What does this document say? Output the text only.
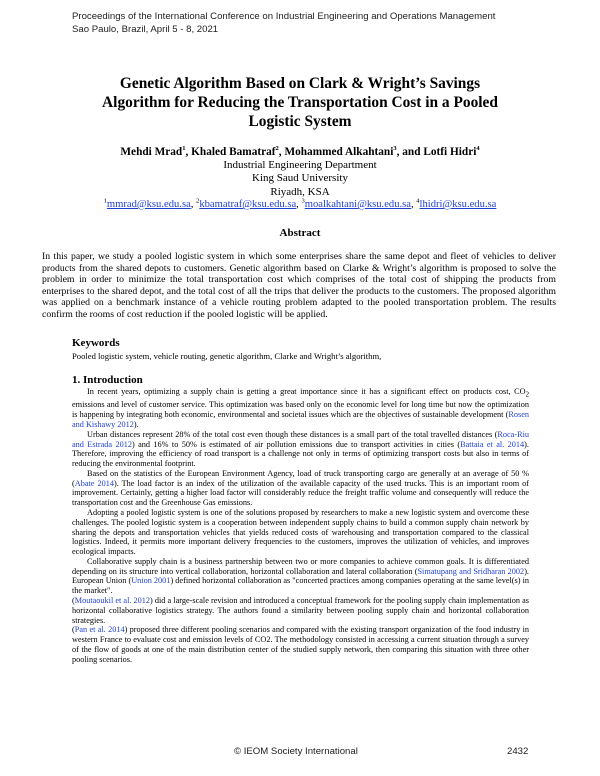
Proceedings of the International Conference on Industrial Engineering and Operations Management
Sao Paulo, Brazil, April 5 - 8, 2021
Genetic Algorithm Based on Clark & Wright’s Savings
Algorithm for Reducing the Transportation Cost in a Pooled
Logistic System
Mehdi Mrad$^1$, Khaled Bamatraf$^2$, Mohammed Alkahtani$^3$, and Lotfi Hidri$^4$
Industrial Engineering Department
King Saud University
Riyadh, KSA
$^1$mmrad@ksu.edu.sa, $^2$kbamatraf@ksu.edu.sa, $^3$moalkahtani@ksu.edu.sa, $^4$lhidri@ksu.edu.sa
Abstract
In this paper, we study a pooled logistic system in which some enterprises share the same depot and fleet of vehicles to deliver products from the shared depots to customers. Genetic algorithm based on Clarke & Wright’s algorithm is proposed to solve the problem in order to minimize the total transportation cost which comprises of the total cost of shipping the products from enterprises to the shared depot, and the total cost of all the trips that deliver the products to the customers. The proposed algorithm was applied on a benchmark instance of a vehicle routing problem adapted to the pooled transportation problem. The results confirm the rooms of cost reduction if the pooled logistic will be applied.
Keywords
Pooled logistic system, vehicle routing, genetic algorithm, Clarke and Wright’s algorithm,
1. Introduction

In recent years, optimizing a supply chain is getting a great importance since it has a significant effect on products cost, $CO_2$ emissions and level of customer service. This optimization was based only on the economic level for long time but now the optimization is happening by integrating both economic, environmental and societal issues which are the objectives of sustainable development (Rosen and Kishawy 2012).

Urban distances represent 28% of the total cost even though these distances is a small part of the total travelled distances (Roca-Riu and Estrada 2012) and 16% to 50% is estimated of air pollution emissions due to transport activities in cities (Battaia et al. 2014). Therefore, improving the efficiency of road transport is a challenge not only in terms of optimizing transport costs but also in terms of reducing the environmental footprint.

Based on the statistics of the European Environment Agency, load of truck transporting cargo are generally at an average of 50 % (Abate 2014). The load factor is an index of the utilization of the available capacity of the used trucks. This is an important room of improvement. Certainly, getting a higher load factor will considerably reduce the freight traffic volume and consequently will reduce the transportation cost and the Greenhouse Gas emissions.

Adopting a pooled logistic system is one of the solutions proposed by researchers to make a new logistic system and overcome these challenges. The pooled logistic system is a cooperation between independent supply chains to build a common supply chain network by sharing the depots and transportation vehicles that yields reduced costs of warehousing and transportation compared to the classical logistics. Indeed, it permits more important delivery frequencies to the customers, improves the utilization of vehicles, and improves ecological impacts.

Collaborative supply chain is a business partnership between two or more companies to achieve common goals. It is differentiated depending on its structure into vertical collaboration, horizontal collaboration and lateral collaboration (Simatupang and Sridharan 2002). European Union (Union 2001) defined horizontal collaboration as "concerted practices among companies operating at the same level(s) in the market".

(Moutaoukil et al. 2012) did a large-scale revision and introduced a conceptual framework for the pooling supply chain implementation as horizontal collaborative logistics strategy. The authors found a similarity between pooling supply chain and horizontal collaboration strategies.

(Pan et al. 2014) proposed three different pooling scenarios and compared with the existing transport organization of the food industry in western France to evaluate cost and emission levels of CO2. The methodology consisted in accessing a current situation through a survey of the flow of goods at one of the main distribution center of the studied supply network, then comparing this situation with three other pooling scenarios.

© IEOM Society International	2432
